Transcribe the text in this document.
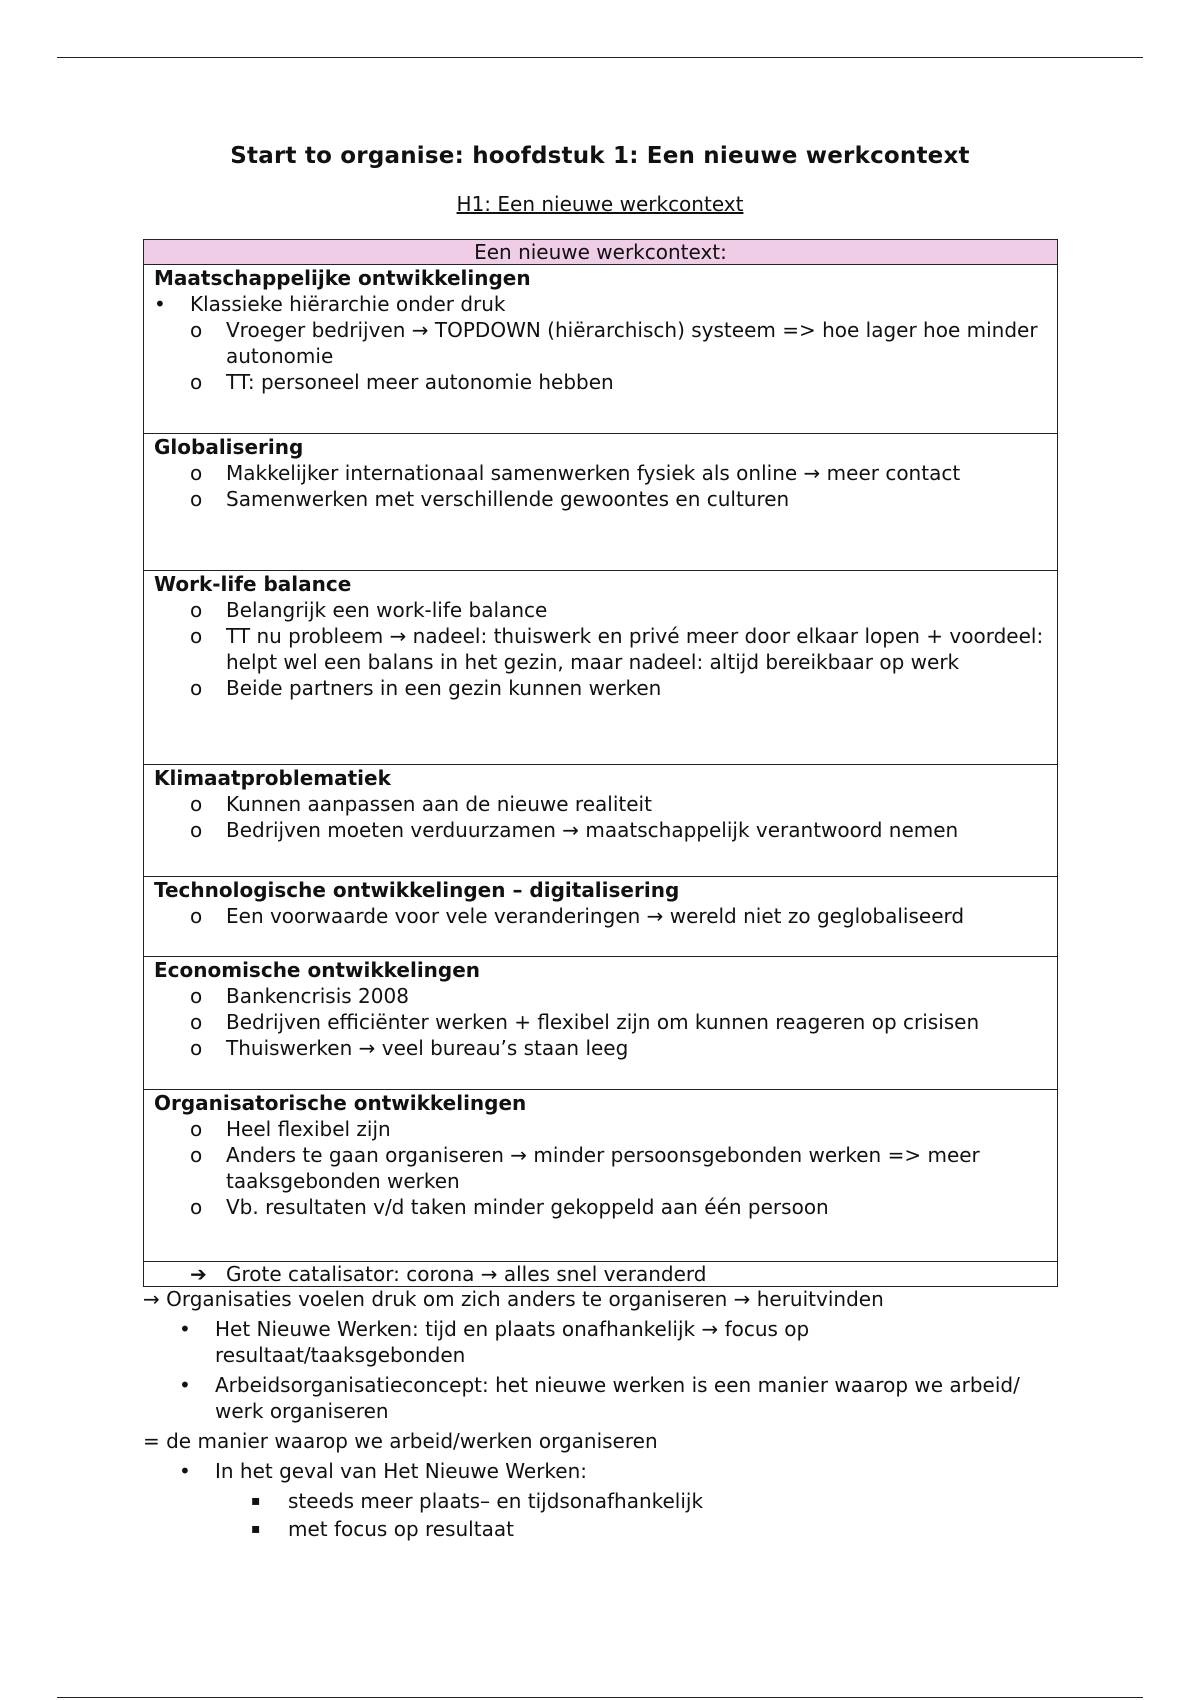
Start to organise: hoofdstuk 1: Een nieuwe werkcontext
H1: Een nieuwe werkcontext
Een nieuwe werkcontext:
Maatschappelijke ontwikkelingen
• Klassieke hiërarchie onder druk
o Vroeger bedrijven → TOPDOWN (hiërarchisch) systeem => hoe lager hoe minder autonomie
o TT: personeel meer autonomie hebben
Globalisering
o Makkelijker internationaal samenwerken fysiek als online → meer contact
o Samenwerken met verschillende gewoontes en culturen
Work-life balance
o Belangrijk een work-life balance
o TT nu probleem → nadeel: thuiswerk en privé meer door elkaar lopen + voordeel: helpt wel een balans in het gezin, maar nadeel: altijd bereikbaar op werk
o Beide partners in een gezin kunnen werken
Klimaatproblematiek
o Kunnen aanpassen aan de nieuwe realiteit
o Bedrijven moeten verduurzamen → maatschappelijk verantwoord nemen
Technologische ontwikkelingen – digitalisering
o Een voorwaarde voor vele veranderingen → wereld niet zo geglobaliseerd
Economische ontwikkelingen
o Bankencrisis 2008
o Bedrijven efficiënter werken + flexibel zijn om kunnen reageren op crisisen
o Thuiswerken → veel bureau’s staan leeg
Organisatorische ontwikkelingen
o Heel flexibel zijn
o Anders te gaan organiseren → minder persoonsgebonden werken => meer taaksgebonden werken
o Vb. resultaten v/d taken minder gekoppeld aan één persoon
➔ Grote catalisator: corona → alles snel veranderd
→ Organisaties voelen druk om zich anders te organiseren → heruitvinden
• Het Nieuwe Werken: tijd en plaats onafhankelijk → focus op resultaat/taaksgebonden
• Arbeidsorganisatieconcept: het nieuwe werken is een manier waarop we arbeid/ werk organiseren
= de manier waarop we arbeid/werken organiseren
• In het geval van Het Nieuwe Werken:
▪ steeds meer plaats– en tijdsonafhankelijk
▪ met focus op resultaat
